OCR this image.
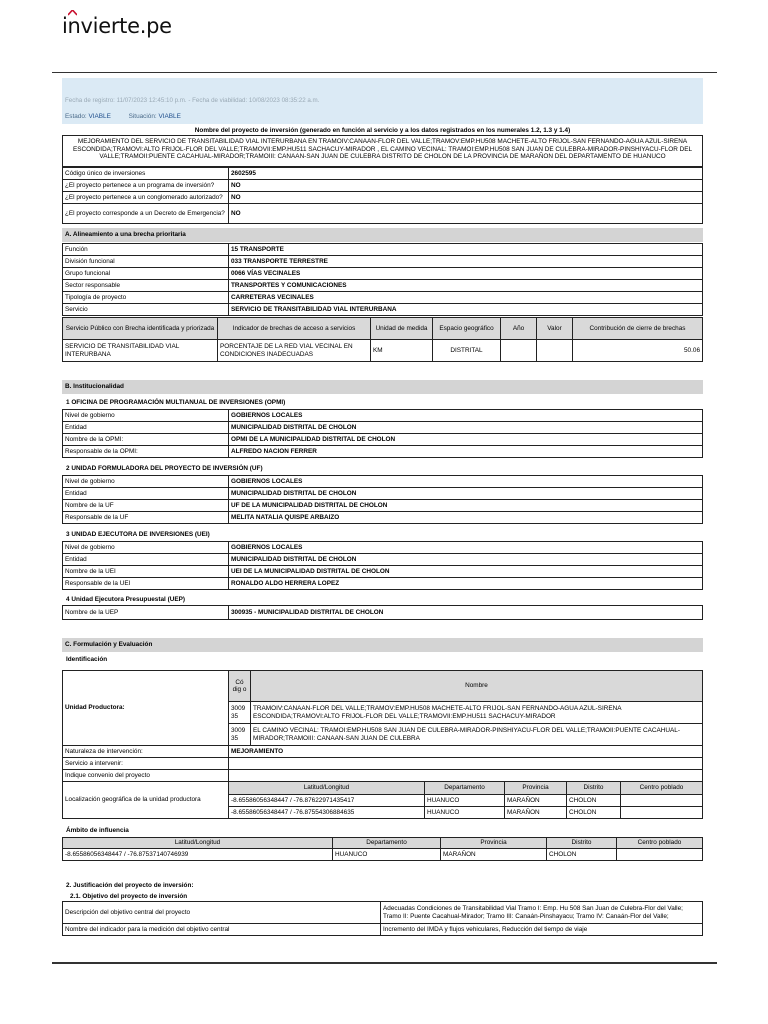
invierte.pe
Fecha de registro: 11/07/2023 12:45:10 p.m. - Fecha de viabilidad: 10/08/2023 08:35:22 a.m.
Estado: VIABLE	Situación: VIABLE
Nombre del proyecto de inversión (generado en función al servicio y a los datos registrados en los numerales 1.2, 1.3 y 1.4)
MEJORAMIENTO DEL SERVICIO DE TRANSITABILIDAD VIAL INTERURBANA EN TRAMOIV:CANAAN-FLOR DEL VALLE;TRAMOV:EMP.HU508 MACHETE-ALTO FRIJOL-SAN FERNANDO-AGUA AZUL-SIRENA ESCONDIDA;TRAMOVI:ALTO FRIJOL-FLOR DEL VALLE;TRAMOVII:EMP.HU511 SACHACUY-MIRADOR , EL CAMINO VECINAL: TRAMOI:EMP.HU508 SAN JUAN DE CULEBRA-MIRADOR-PINSHIYACU-FLOR DEL VALLE;TRAMOII:PUENTE CACAHUAL-MIRADOR;TRAMOIII: CANAAN-SAN JUAN DE CULEBRA DISTRITO DE CHOLON DE LA PROVINCIA DE MARAÑON DEL DEPARTAMENTO DE HUANUCO
Código único de inversiones	2602595
¿El proyecto pertenece a un programa de inversión?	NO
¿El proyecto pertenece a un conglomerado autorizado?	NO
¿El proyecto corresponde a un Decreto de Emergencia?	NO
A. Alineamiento a una brecha prioritaria
Función	15 TRANSPORTE
División funcional	033 TRANSPORTE TERRESTRE
Grupo funcional	0066 VÍAS VECINALES
Sector responsable	TRANSPORTES Y COMUNICACIONES
Tipología de proyecto	CARRETERAS VECINALES
Servicio	SERVICIO DE TRANSITABILIDAD VIAL INTERURBANA
Servicio Público con Brecha identificada y priorizada	Indicador de brechas de acceso a servicios	Unidad de medida	Espacio geográfico	Año	Valor	Contribución de cierre de brechas
SERVICIO DE TRANSITABILIDAD VIAL INTERURBANA	PORCENTAJE DE LA RED VIAL VECINAL EN CONDICIONES INADECUADAS	KM	DISTRITAL			50.06
B. Institucionalidad
1 OFICINA DE PROGRAMACIÓN MULTIANUAL DE INVERSIONES (OPMI)
Nivel de gobierno	GOBIERNOS LOCALES
Entidad	MUNICIPALIDAD DISTRITAL DE CHOLON
Nombre de la OPMI:	OPMI DE LA MUNICIPALIDAD DISTRITAL DE CHOLON
Responsable de la OPMI:	ALFREDO NACION FERRER
2 UNIDAD FORMULADORA DEL PROYECTO DE INVERSIÓN (UF)
Nivel de gobierno	GOBIERNOS LOCALES
Entidad	MUNICIPALIDAD DISTRITAL DE CHOLON
Nombre de la UF	UF DE LA MUNICIPALIDAD DISTRITAL DE CHOLON
Responsable de la UF	MELITA NATALIA QUISPE ARBAIZO
3 UNIDAD EJECUTORA DE INVERSIONES (UEI)
Nivel de gobierno	GOBIERNOS LOCALES
Entidad	MUNICIPALIDAD DISTRITAL DE CHOLON
Nombre de la UEI	UEI DE LA MUNICIPALIDAD DISTRITAL DE CHOLON
Responsable de la UEI	RONALDO ALDO HERRERA LOPEZ
4 Unidad Ejecutora Presupuestal (UEP)
Nombre de la UEP	300935 - MUNICIPALIDAD DISTRITAL DE CHOLON
C. Formulación y Evaluación
Identificación
Unidad Productora:	Có dig o	Nombre
	3009 35	TRAMOIV:CANAAN-FLOR DEL VALLE;TRAMOV:EMP.HU508 MACHETE-ALTO FRIJOL-SAN FERNANDO-AGUA AZUL-SIRENA ESCONDIDA;TRAMOVI:ALTO FRIJOL-FLOR DEL VALLE;TRAMOVII:EMP.HU511 SACHACUY-MIRADOR
	3009 35	EL CAMINO VECINAL: TRAMOI:EMP.HU508 SAN JUAN DE CULEBRA-MIRADOR-PINSHIYACU-FLOR DEL VALLE;TRAMOII:PUENTE CACAHUAL-MIRADOR;TRAMOIII: CANAAN-SAN JUAN DE CULEBRA
Naturaleza de intervención:	MEJORAMIENTO
Servicio a intervenir:	
Indique convenio del proyecto	
Localización geográfica de la unidad productora	Latitud/Longitud	Departamento	Provincia	Distrito	Centro poblado
	-8.65586056348447 / -76.87622971435417	HUANUCO	MARAÑON	CHOLON	
	-8.65586056348447 / -76.87554306884635	HUANUCO	MARAÑON	CHOLON	
Ámbito de influencia
Latitud/Longitud	Departamento	Provincia	Distrito	Centro poblado
-8.65586056348447 / -76.87537140746939	HUANUCO	MARAÑON	CHOLON	
2. Justificación del proyecto de inversión:
2.1. Objetivo del proyecto de inversión
Descripción del objetivo central del proyecto	Adecuadas Condiciones de Transitabilidad Vial Tramo I: Emp. Hu 508 San Juan de Culebra-Flor del Valle; Tramo II: Puente Cacahual-Mirador; Tramo III: Canaán-Pinshayacu; Tramo IV: Canaán-Flor del Valle;
Nombre del indicador para la medición del objetivo central	Incremento del IMDA y flujos vehiculares, Reducción del tiempo de viaje
